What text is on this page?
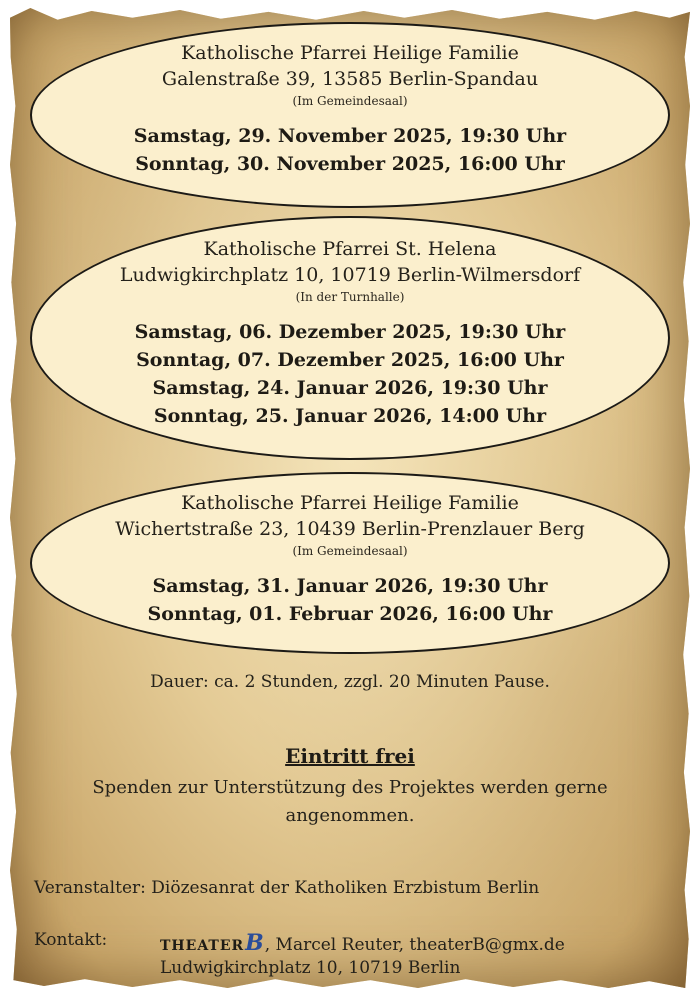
Katholische Pfarrei Heilige Familie
Galenstraße 39, 13585 Berlin-Spandau
(Im Gemeindesaal)
Samstag, 29. November 2025, 19:30 Uhr
Sonntag, 30. November 2025, 16:00 Uhr
Katholische Pfarrei St. Helena
Ludwigkirchplatz 10, 10719 Berlin-Wilmersdorf
(In der Turnhalle)
Samstag, 06. Dezember 2025, 19:30 Uhr
Sonntag, 07. Dezember 2025, 16:00 Uhr
Samstag, 24. Januar 2026, 19:30 Uhr
Sonntag, 25. Januar 2026, 14:00 Uhr
Katholische Pfarrei Heilige Familie
Wichertstraße 23, 10439 Berlin-Prenzlauer Berg
(Im Gemeindesaal)
Samstag, 31. Januar 2026, 19:30 Uhr
Sonntag, 01. Februar 2026, 16:00 Uhr
Dauer: ca. 2 Stunden, zzgl. 20 Minuten Pause.
Eintritt frei
Spenden zur Unterstützung des Projektes werden gerne
angenommen.
Veranstalter: Diözesanrat der Katholiken Erzbistum Berlin
Kontakt:	THEATERB, Marcel Reuter, theaterB@gmx.de
Ludwigkirchplatz 10, 10719 Berlin
